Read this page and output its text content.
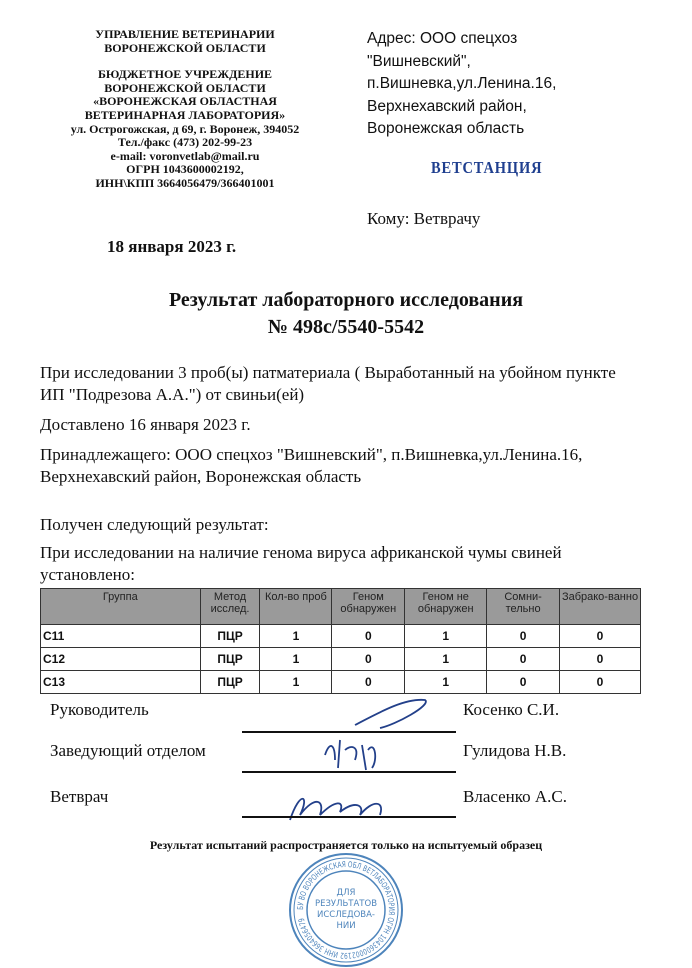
УПРАВЛЕНИЕ ВЕТЕРИНАРИИ
ВОРОНЕЖСКОЙ ОБЛАСТИ
БЮДЖЕТНОЕ УЧРЕЖДЕНИЕ
ВОРОНЕЖСКОЙ ОБЛАСТИ
«ВОРОНЕЖСКАЯ ОБЛАСТНАЯ
ВЕТЕРИНАРНАЯ ЛАБОРАТОРИЯ»
ул. Острогожская, д 69, г. Воронеж, 394052
Тел./факс (473) 202-99-23
e-mail: voronvetlab@mail.ru
ОГРН 1043600002192,
ИНН\КПП 3664056479/366401001
18 января 2023 г.
Адрес: ООО спецхоз
"Вишневский",
п.Вишневка,ул.Ленина.16,
Верхнехавский район,
Воронежская область
ВЕТСТАНЦИЯ
Кому: Ветврачу
Результат лабораторного исследования
№ 498с/5540-5542
При исследовании 3 проб(ы) патматериала ( Выработанный на убойном пункте ИП "Подрезова А.А.") от свиньи(ей)
Доставлено 16 января 2023 г.
Принадлежащего: ООО спецхоз "Вишневский", п.Вишневка,ул.Ленина.16, Верхнехавский район, Воронежская область
Получен следующий результат:
При исследовании на наличие генома вируса африканской чумы свиней установлено:
Группа	Метод исслед.	Кол-во проб	Геном обнаружен	Геном не обнаружен	Сомни-тельно	Забрако-ванно
С11	ПЦР	1	0	1	0	0
С12	ПЦР	1	0	1	0	0
С13	ПЦР	1	0	1	0	0
БУ ВО ВОРОНЕЖСКАЯ ОБЛ ВЕТЛАБОРАТОРИЯ ОГРН 1043600002192 ИНН 3664056479
ДЛЯ
РЕЗУЛЬТАТОВ
ИССЛЕДОВА-
НИИ
Руководитель	Косенко С.И.
Заведующий отделом	Гулидова Н.В.
Ветврач	Власенко А.С.
Результат испытаний распространяется только на испытуемый образец
